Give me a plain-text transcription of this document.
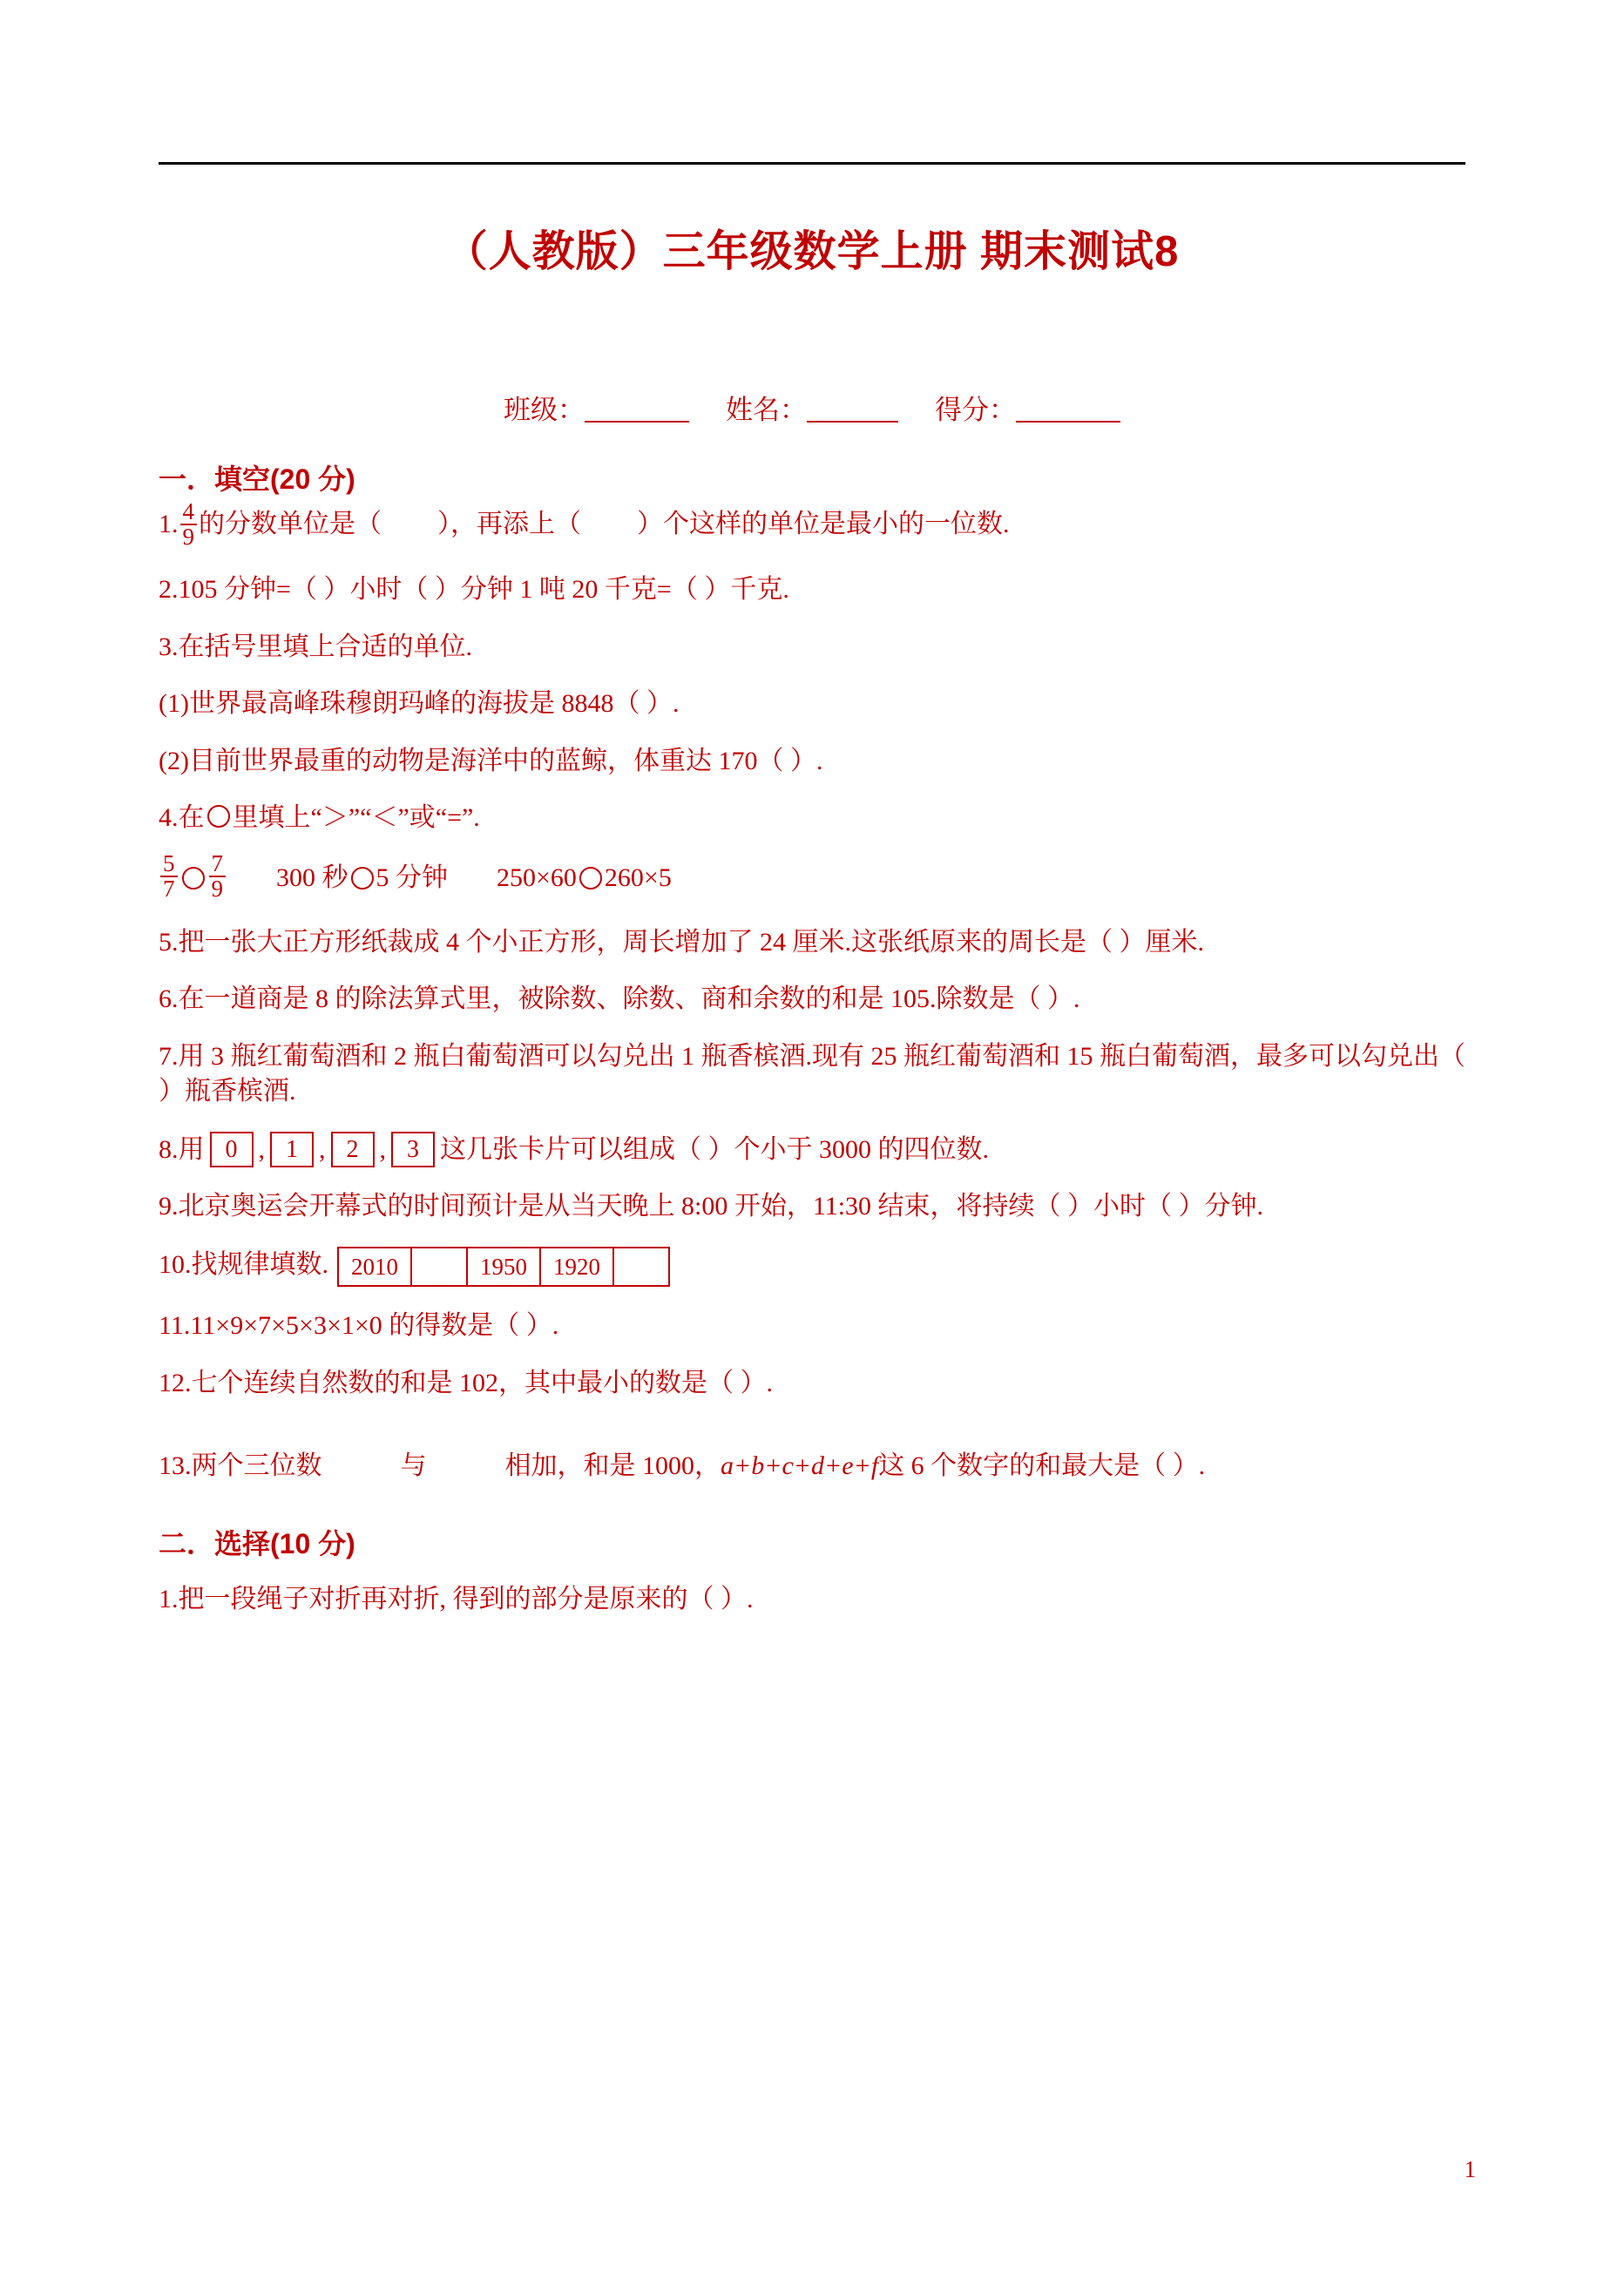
（人教版）三年级数学上册 期末测试8
班级：	姓名：	得分：
一．填空(20 分)
1. $\frac{4}{9}$ 的分数单位是（ ），再添上（ ）个这样的单位是最小的一位数.
2.105 分钟=（ ）小时（ ）分钟 1 吨 20 千克=（ ）千克.
3.在括号里填上合适的单位.
(1)世界最高峰珠穆朗玛峰的海拔是 8848（ ）.
(2)目前世界最重的动物是海洋中的蓝鲸，体重达 170（ ）.
4.在 里填上“＞”“＜”或“=”.
$\frac{5}{7} \frac{7}{9} 300$ 秒 5 分钟 250×60 260×5
5.把一张大正方形纸裁成 4 个小正方形，周长增加了 24 厘米.这张纸原来的周长是（ ）厘米.
6.在一道商是 8 的除法算式里，被除数、除数、商和余数的和是 105.除数是（ ）.
7.用 3 瓶红葡萄酒和 2 瓶白葡萄酒可以勾兑出 1 瓶香槟酒.现有 25 瓶红葡萄酒和 15 瓶白葡萄酒，最多可以勾兑出（ ）瓶香槟酒.
8.用 0 , 1 , 2 , 3 这几张卡片可以组成（ ）个小于 3000 的四位数.
9.北京奥运会开幕式的时间预计是从当天晚上 8:00 开始，11:30 结束，将持续（ ）小时（ ）分钟.
10.找规律填数. 2010		1950	1920	
11.11×9×7×5×3×1×0 的得数是（ ）.
12.七个连续自然数的和是 102，其中最小的数是（ ）.
13.两个三位数	与	相加，和是 1000，a+b+c+d+e+f这 6 个数字的和最大是（ ）.
二．选择(10 分)
1.把一段绳子对折再对折, 得到的部分是原来的（ ）.
1
